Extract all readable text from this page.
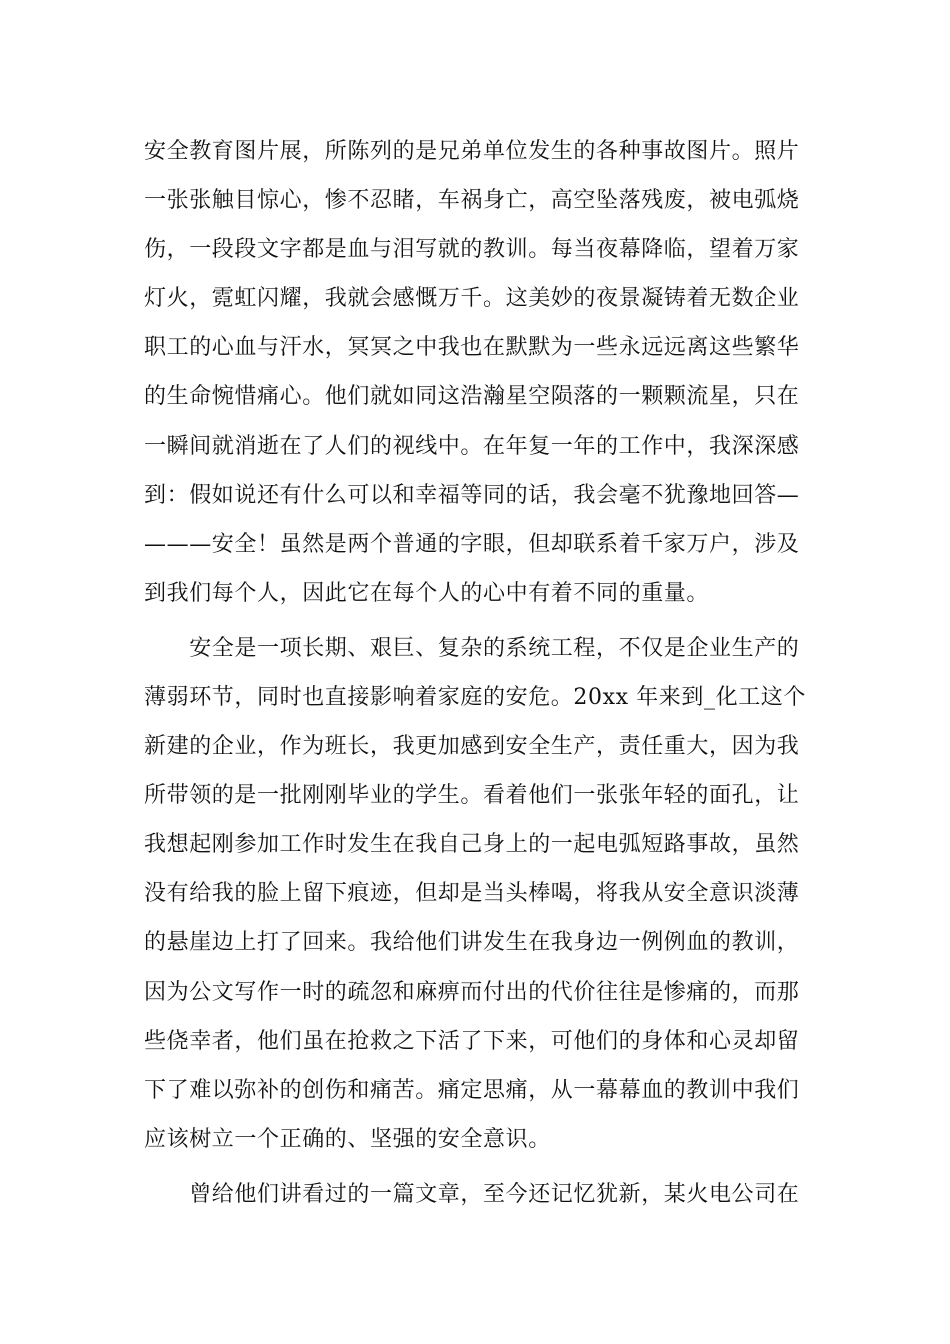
安全教育图片展，所陈列的是兄弟单位发生的各种事故图片。照片
一张张触目惊心，惨不忍睹，车祸身亡，高空坠落残废，被电弧烧
伤，一段段文字都是血与泪写就的教训。每当夜幕降临，望着万家
灯火，霓虹闪耀，我就会感慨万千。这美妙的夜景凝铸着无数企业
职工的心血与汗水，冥冥之中我也在默默为一些永远远离这些繁华
的生命惋惜痛心。他们就如同这浩瀚星空陨落的一颗颗流星，只在
一瞬间就消逝在了人们的视线中。在年复一年的工作中，我深深感
到：假如说还有什么可以和幸福等同的话，我会毫不犹豫地回答—
———安全！虽然是两个普通的字眼，但却联系着千家万户，涉及
到我们每个人，因此它在每个人的心中有着不同的重量。
　　安全是一项长期、艰巨、复杂的系统工程，不仅是企业生产的
薄弱环节，同时也直接影响着家庭的安危。20xx 年来到_化工这个
新建的企业，作为班长，我更加感到安全生产，责任重大，因为我
所带领的是一批刚刚毕业的学生。看着他们一张张年轻的面孔，让
我想起刚参加工作时发生在我自己身上的一起电弧短路事故，虽然
没有给我的脸上留下痕迹，但却是当头棒喝，将我从安全意识淡薄
的悬崖边上打了回来。我给他们讲发生在我身边一例例血的教训，
因为公文写作一时的疏忽和麻痹而付出的代价往往是惨痛的，而那
些侥幸者，他们虽在抢救之下活了下来，可他们的身体和心灵却留
下了难以弥补的创伤和痛苦。痛定思痛，从一幕幕血的教训中我们
应该树立一个正确的、坚强的安全意识。
　　曾给他们讲看过的一篇文章，至今还记忆犹新，某火电公司在
